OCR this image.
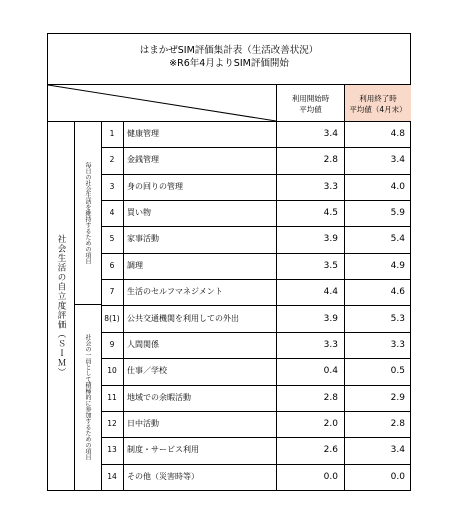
はまかぜSIM評価集計表（生活改善状況）
※R6年4月よりSIM評価開始
利用開始時
平均値
利用終了時
平均値（4月末）
社会生活の自立度評価（ＳＩＭ）
毎日の社会生活を維持するための項目
社会の一員として積極的に参加するための項目
1	健康管理	3.4	4.8
2	金銭管理	2.8	3.4
3	身の回りの管理	3.3	4.0
4	買い物	4.5	5.9
5	家事活動	3.9	5.4
6	調理	3.5	4.9
7	生活のセルフマネジメント	4.4	4.6
8(1) 公共交通機関を利用しての外出	3.9	5.3
9	人間関係	3.3	3.3
10	仕事／学校	0.4	0.5
11	地域での余暇活動	2.8	2.9
12	日中活動	2.0	2.8
13	制度・サービス利用	2.6	3.4
14	その他（災害時等）	0.0	0.0
